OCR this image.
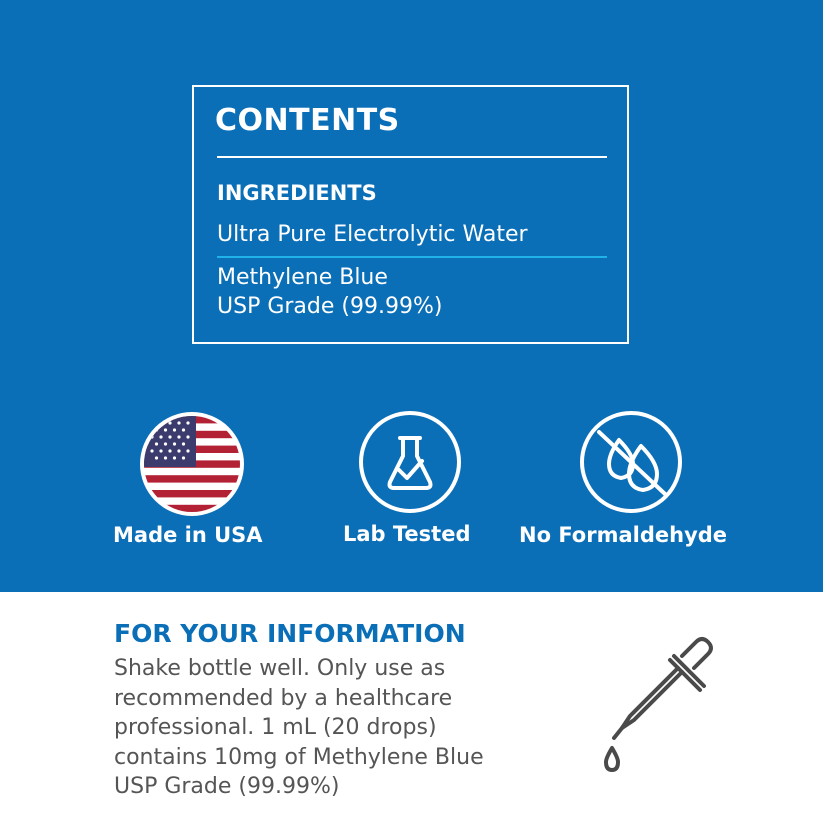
CONTENTS
INGREDIENTS
Ultra Pure Electrolytic Water
Methylene Blue
USP Grade (99.99%)
Made in USA	Lab Tested No Formaldehyde
FOR YOUR INFORMATION
Shake bottle well. Only use as
recommended by a healthcare
professional. 1 mL (20 drops)
contains 10mg of Methylene Blue
USP Grade (99.99%)
